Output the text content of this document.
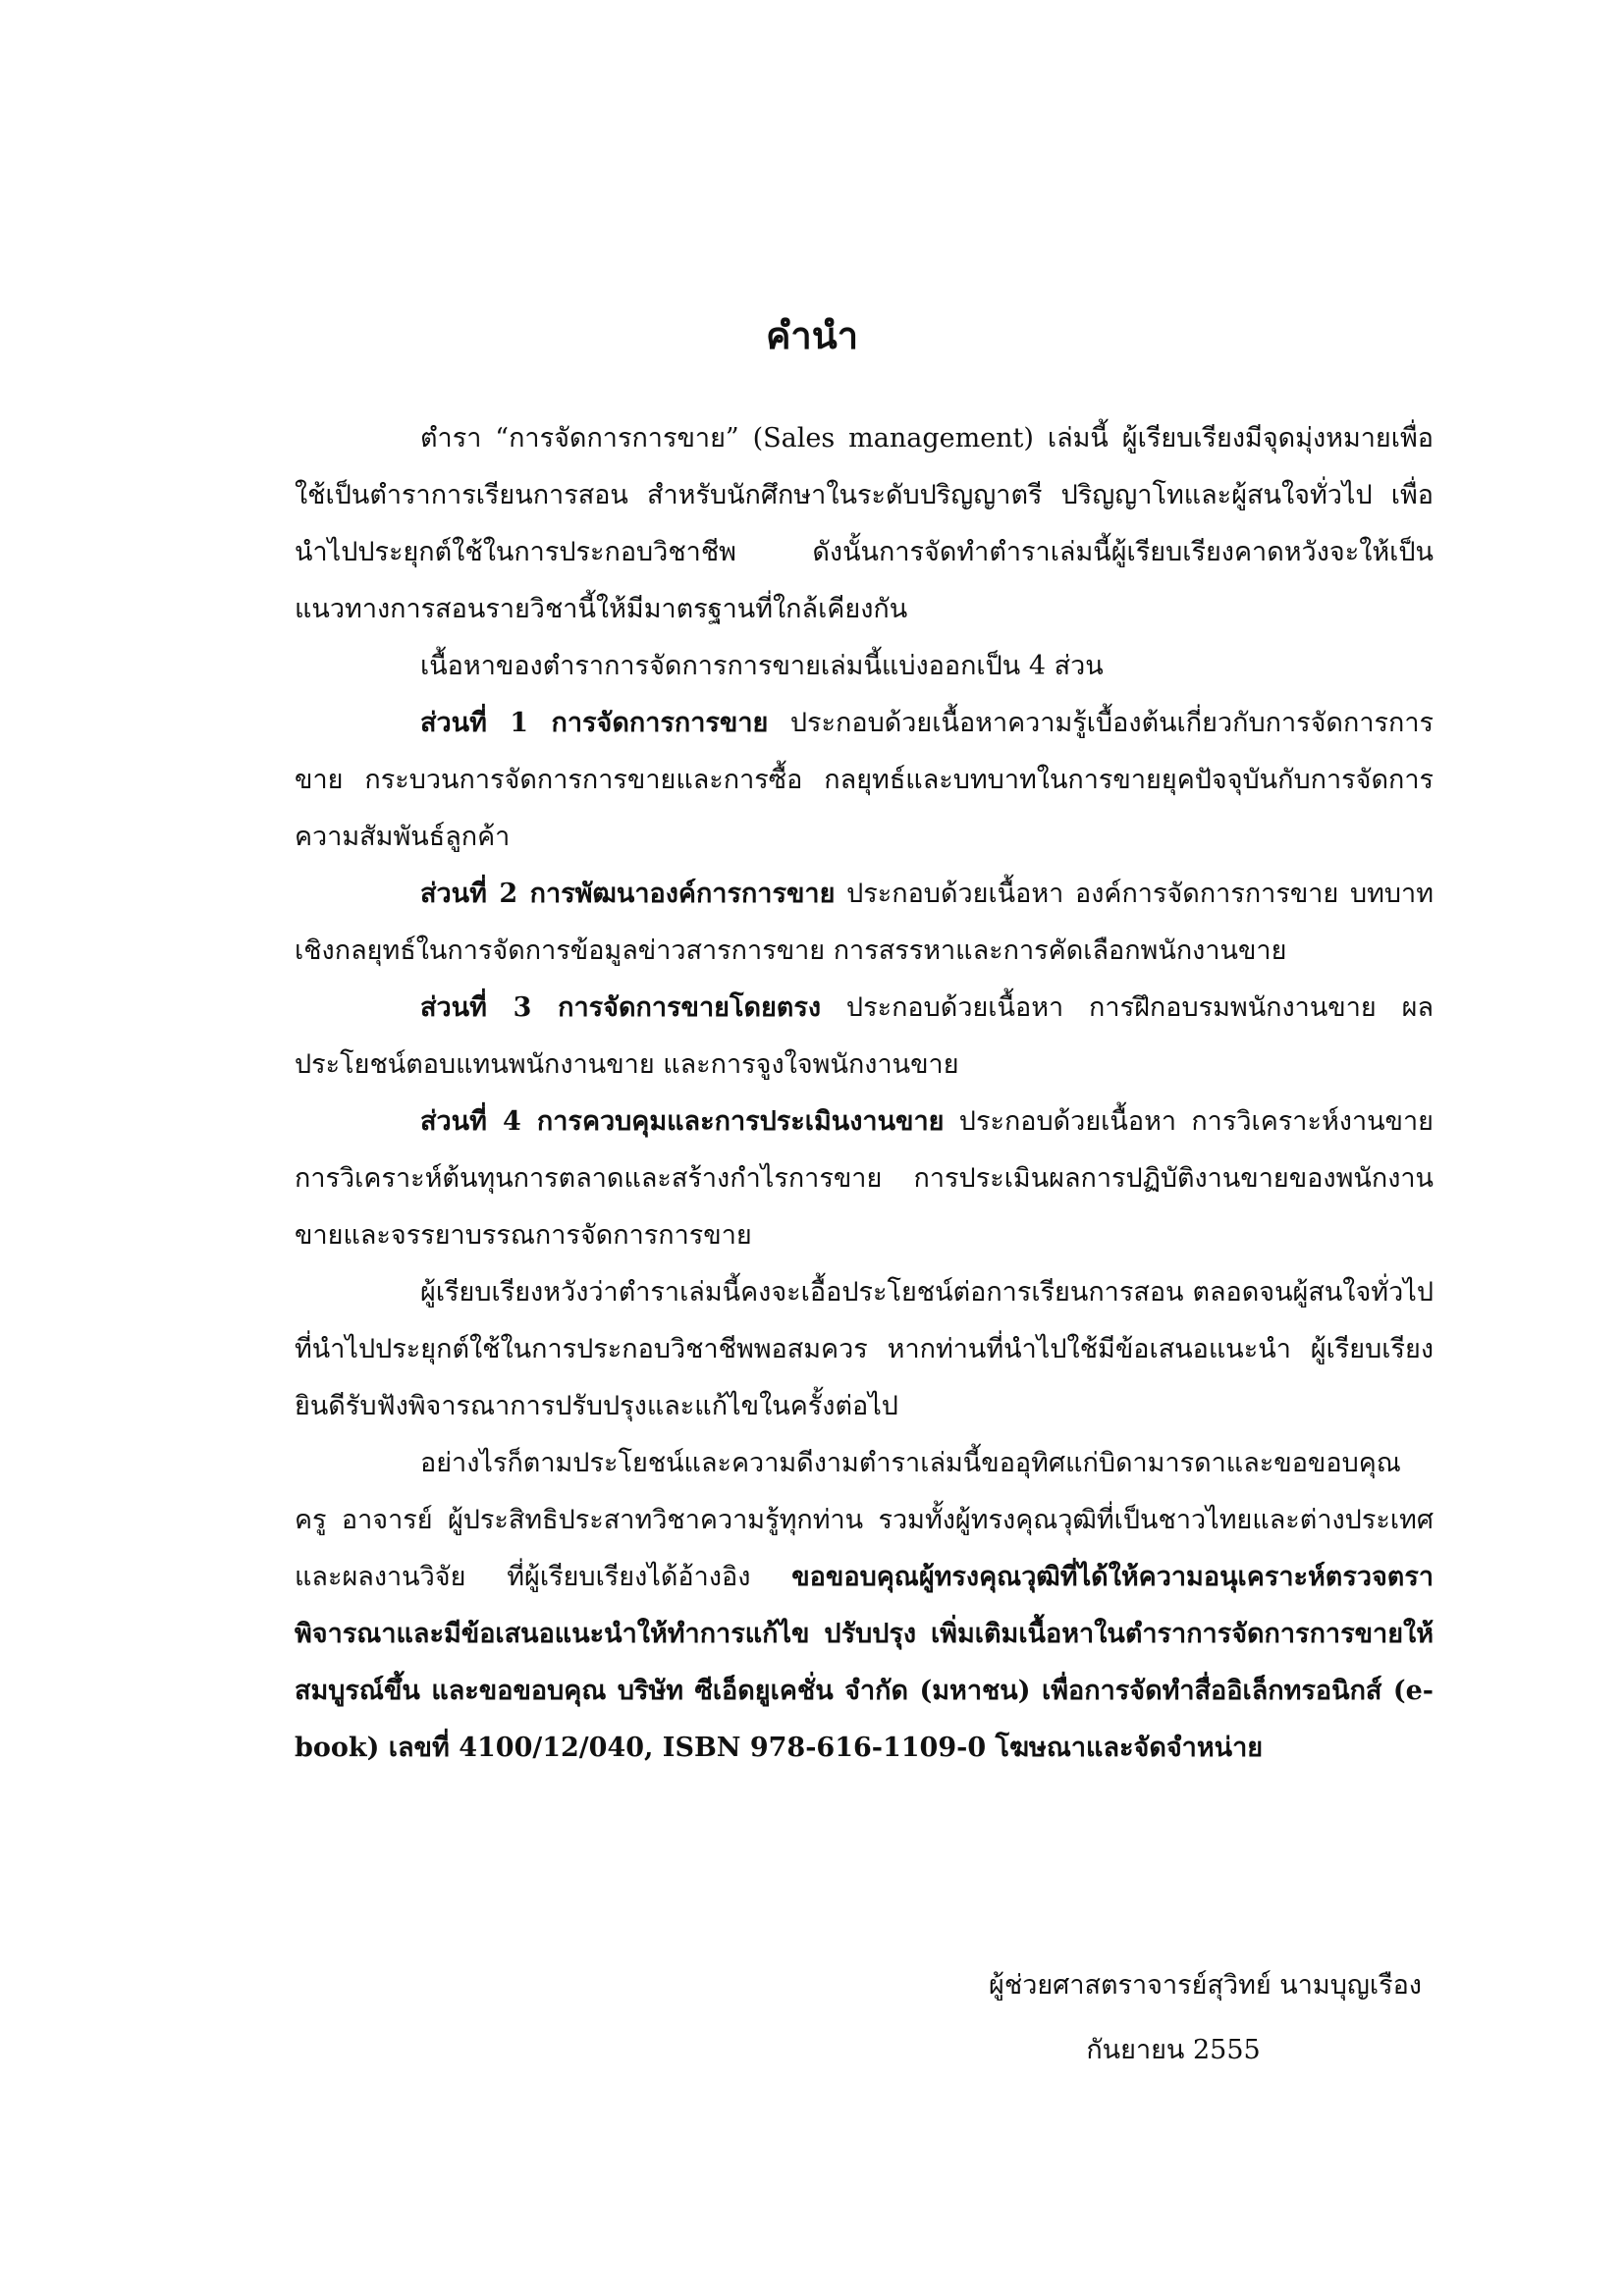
คำนำ

ตำรา “การจัดการการขาย” (Sales management) เล่มนี้ ผู้เรียบเรียงมีจุดมุ่งหมายเพื่อใช้เป็นตำราการเรียนการสอน สำหรับนักศึกษาในระดับปริญญาตรี ปริญญาโทและผู้สนใจทั่วไป เพื่อนำไปประยุกต์ใช้ในการประกอบวิชาชีพ ดังนั้นการจัดทำตำราเล่มนี้ผู้เรียบเรียงคาดหวังจะให้เป็นแนวทางการสอนรายวิชานี้ให้มีมาตรฐานที่ใกล้เคียงกัน

เนื้อหาของตำราการจัดการการขายเล่มนี้แบ่งออกเป็น 4 ส่วน

ส่วนที่ 1 การจัดการการขาย ประกอบด้วยเนื้อหาความรู้เบื้องต้นเกี่ยวกับการจัดการการขาย กระบวนการจัดการการขายและการซื้อ กลยุทธ์และบทบาทในการขายยุคปัจจุบันกับการจัดการความสัมพันธ์ลูกค้า

ส่วนที่ 2 การพัฒนาองค์การการขาย ประกอบด้วยเนื้อหา องค์การจัดการการขาย บทบาทเชิงกลยุทธ์ในการจัดการข้อมูลข่าวสารการขาย การสรรหาและการคัดเลือกพนักงานขาย

ส่วนที่ 3 การจัดการขายโดยตรง ประกอบด้วยเนื้อหา การฝึกอบรมพนักงานขาย ผลประโยชน์ตอบแทนพนักงานขาย และการจูงใจพนักงานขาย

ส่วนที่ 4 การควบคุมและการประเมินงานขาย ประกอบด้วยเนื้อหา การวิเคราะห์งานขาย การวิเคราะห์ต้นทุนการตลาดและสร้างกำไรการขาย การประเมินผลการปฏิบัติงานขายของพนักงานขายและจรรยาบรรณการจัดการการขาย

ผู้เรียบเรียงหวังว่าตำราเล่มนี้คงจะเอื้อประโยชน์ต่อการเรียนการสอน ตลอดจนผู้สนใจทั่วไป ที่นำไปประยุกต์ใช้ในการประกอบวิชาชีพพอสมควร หากท่านที่นำไปใช้มีข้อเสนอแนะนำ ผู้เรียบเรียงยินดีรับฟังพิจารณาการปรับปรุงและแก้ไขในครั้งต่อไป

อย่างไรก็ตามประโยชน์และความดีงามตำราเล่มนี้ขออุทิศแก่บิดามารดาและขอขอบคุณ ครู อาจารย์ ผู้ประสิทธิประสาทวิชาความรู้ทุกท่าน รวมทั้งผู้ทรงคุณวุฒิที่เป็นชาวไทยและต่างประเทศ และผลงานวิจัย ที่ผู้เรียบเรียงได้อ้างอิง ขอขอบคุณผู้ทรงคุณวุฒิที่ได้ให้ความอนุเคราะห์ตรวจตราพิจารณาและมีข้อเสนอแนะนำให้ทำการแก้ไข ปรับปรุง เพิ่มเติมเนื้อหาในตำราการจัดการการขายให้สมบูรณ์ขึ้น และขอขอบคุณ บริษัท ซีเอ็ดยูเคชั่น จำกัด (มหาชน) เพื่อการจัดทำสื่ออิเล็กทรอนิกส์ (e-book) เลขที่ 4100/12/040, ISBN 978-616-1109-0 โฆษณาและจัดจำหน่าย

ผู้ช่วยศาสตราจารย์สุวิทย์ นามบุญเรือง
กันยายน 2555
